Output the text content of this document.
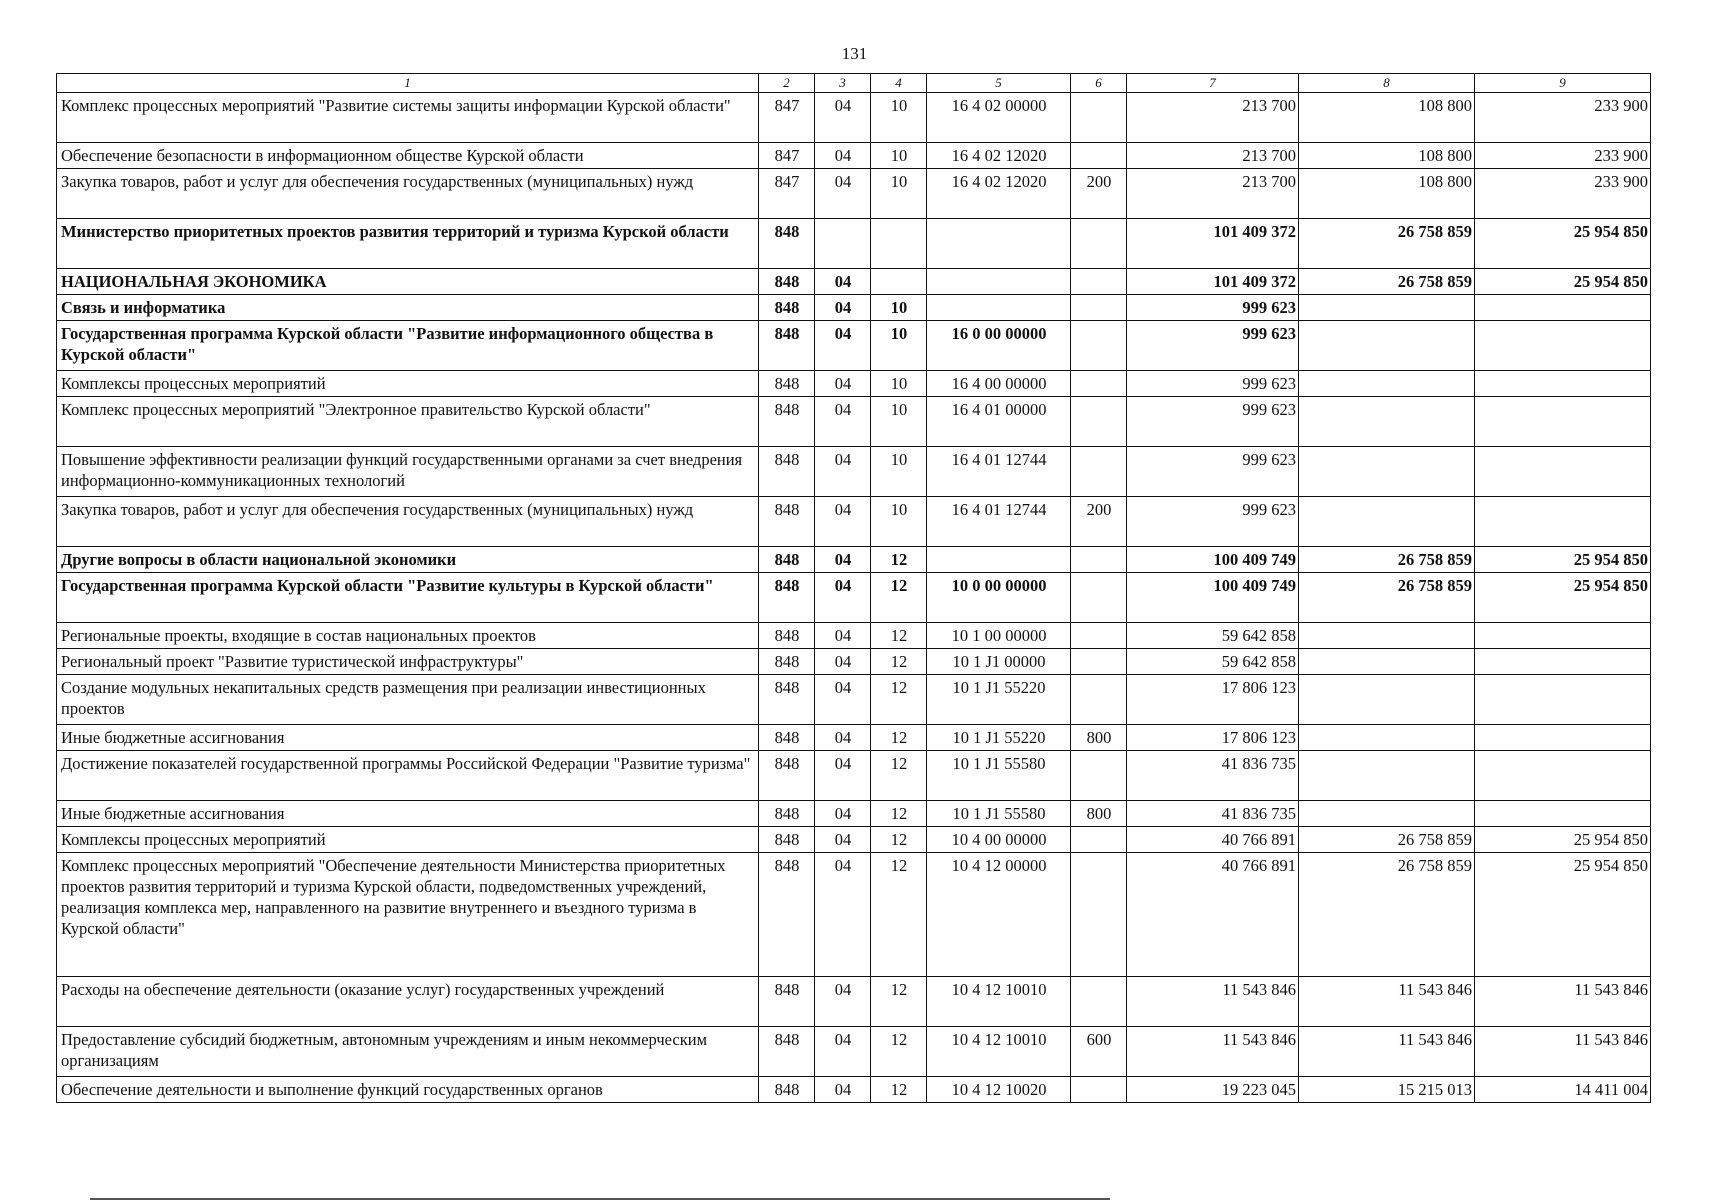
131
1	2	3	4	5	6	7	8	9
Комплекс процессных мероприятий "Развитие системы защиты информации Курской области"	847	04	10	16 4 02 00000		213 700	108 800	233 900
Обеспечение безопасности в информационном обществе Курской области	847	04	10	16 4 02 12020		213 700	108 800	233 900
Закупка товаров, работ и услуг для обеспечения государственных (муниципальных) нужд	847	04	10	16 4 02 12020	200	213 700	108 800	233 900
Министерство приоритетных проектов развития территорий и туризма Курской области	848					101 409 372	26 758 859	25 954 850
НАЦИОНАЛЬНАЯ ЭКОНОМИКА	848	04				101 409 372	26 758 859	25 954 850
Связь и информатика	848	04	10			999 623		
Государственная программа Курской области "Развитие информационного общества в Курской области"	848	04	10	16 0 00 00000		999 623		
Комплексы процессных мероприятий	848	04	10	16 4 00 00000		999 623		
Комплекс процессных мероприятий "Электронное правительство Курской области"	848	04	10	16 4 01 00000		999 623		
Повышение эффективности реализации функций государственными органами за счет внедрения информационно-коммуникационных технологий	848	04	10	16 4 01 12744		999 623		
Закупка товаров, работ и услуг для обеспечения государственных (муниципальных) нужд	848	04	10	16 4 01 12744	200	999 623		
Другие вопросы в области национальной экономики	848	04	12			100 409 749	26 758 859	25 954 850
Государственная программа Курской области "Развитие культуры в Курской области"	848	04	12	10 0 00 00000		100 409 749	26 758 859	25 954 850
Региональные проекты, входящие в состав национальных проектов	848	04	12	10 1 00 00000		59 642 858		
Региональный проект "Развитие туристической инфраструктуры"	848	04	12	10 1 J1 00000		59 642 858		
Создание модульных некапитальных средств размещения при реализации инвестиционных проектов	848	04	12	10 1 J1 55220		17 806 123		
Иные бюджетные ассигнования	848	04	12	10 1 J1 55220	800	17 806 123		
Достижение показателей государственной программы Российской Федерации "Развитие туризма"	848	04	12	10 1 J1 55580		41 836 735		
Иные бюджетные ассигнования	848	04	12	10 1 J1 55580	800	41 836 735		
Комплексы процессных мероприятий	848	04	12	10 4 00 00000		40 766 891	26 758 859	25 954 850
Комплекс процессных мероприятий "Обеспечение деятельности Министерства приоритетных проектов развития территорий и туризма Курской области, подведомственных учреждений, реализация комплекса мер, направленного на развитие внутреннего и въездного туризма в Курской области"	848	04	12	10 4 12 00000		40 766 891	26 758 859	25 954 850
Расходы на обеспечение деятельности (оказание услуг) государственных учреждений	848	04	12	10 4 12 10010		11 543 846	11 543 846	11 543 846
Предоставление субсидий бюджетным, автономным учреждениям и иным некоммерческим организациям	848	04	12	10 4 12 10010	600	11 543 846	11 543 846	11 543 846
Обеспечение деятельности и выполнение функций государственных органов	848	04	12	10 4 12 10020		19 223 045	15 215 013	14 411 004
